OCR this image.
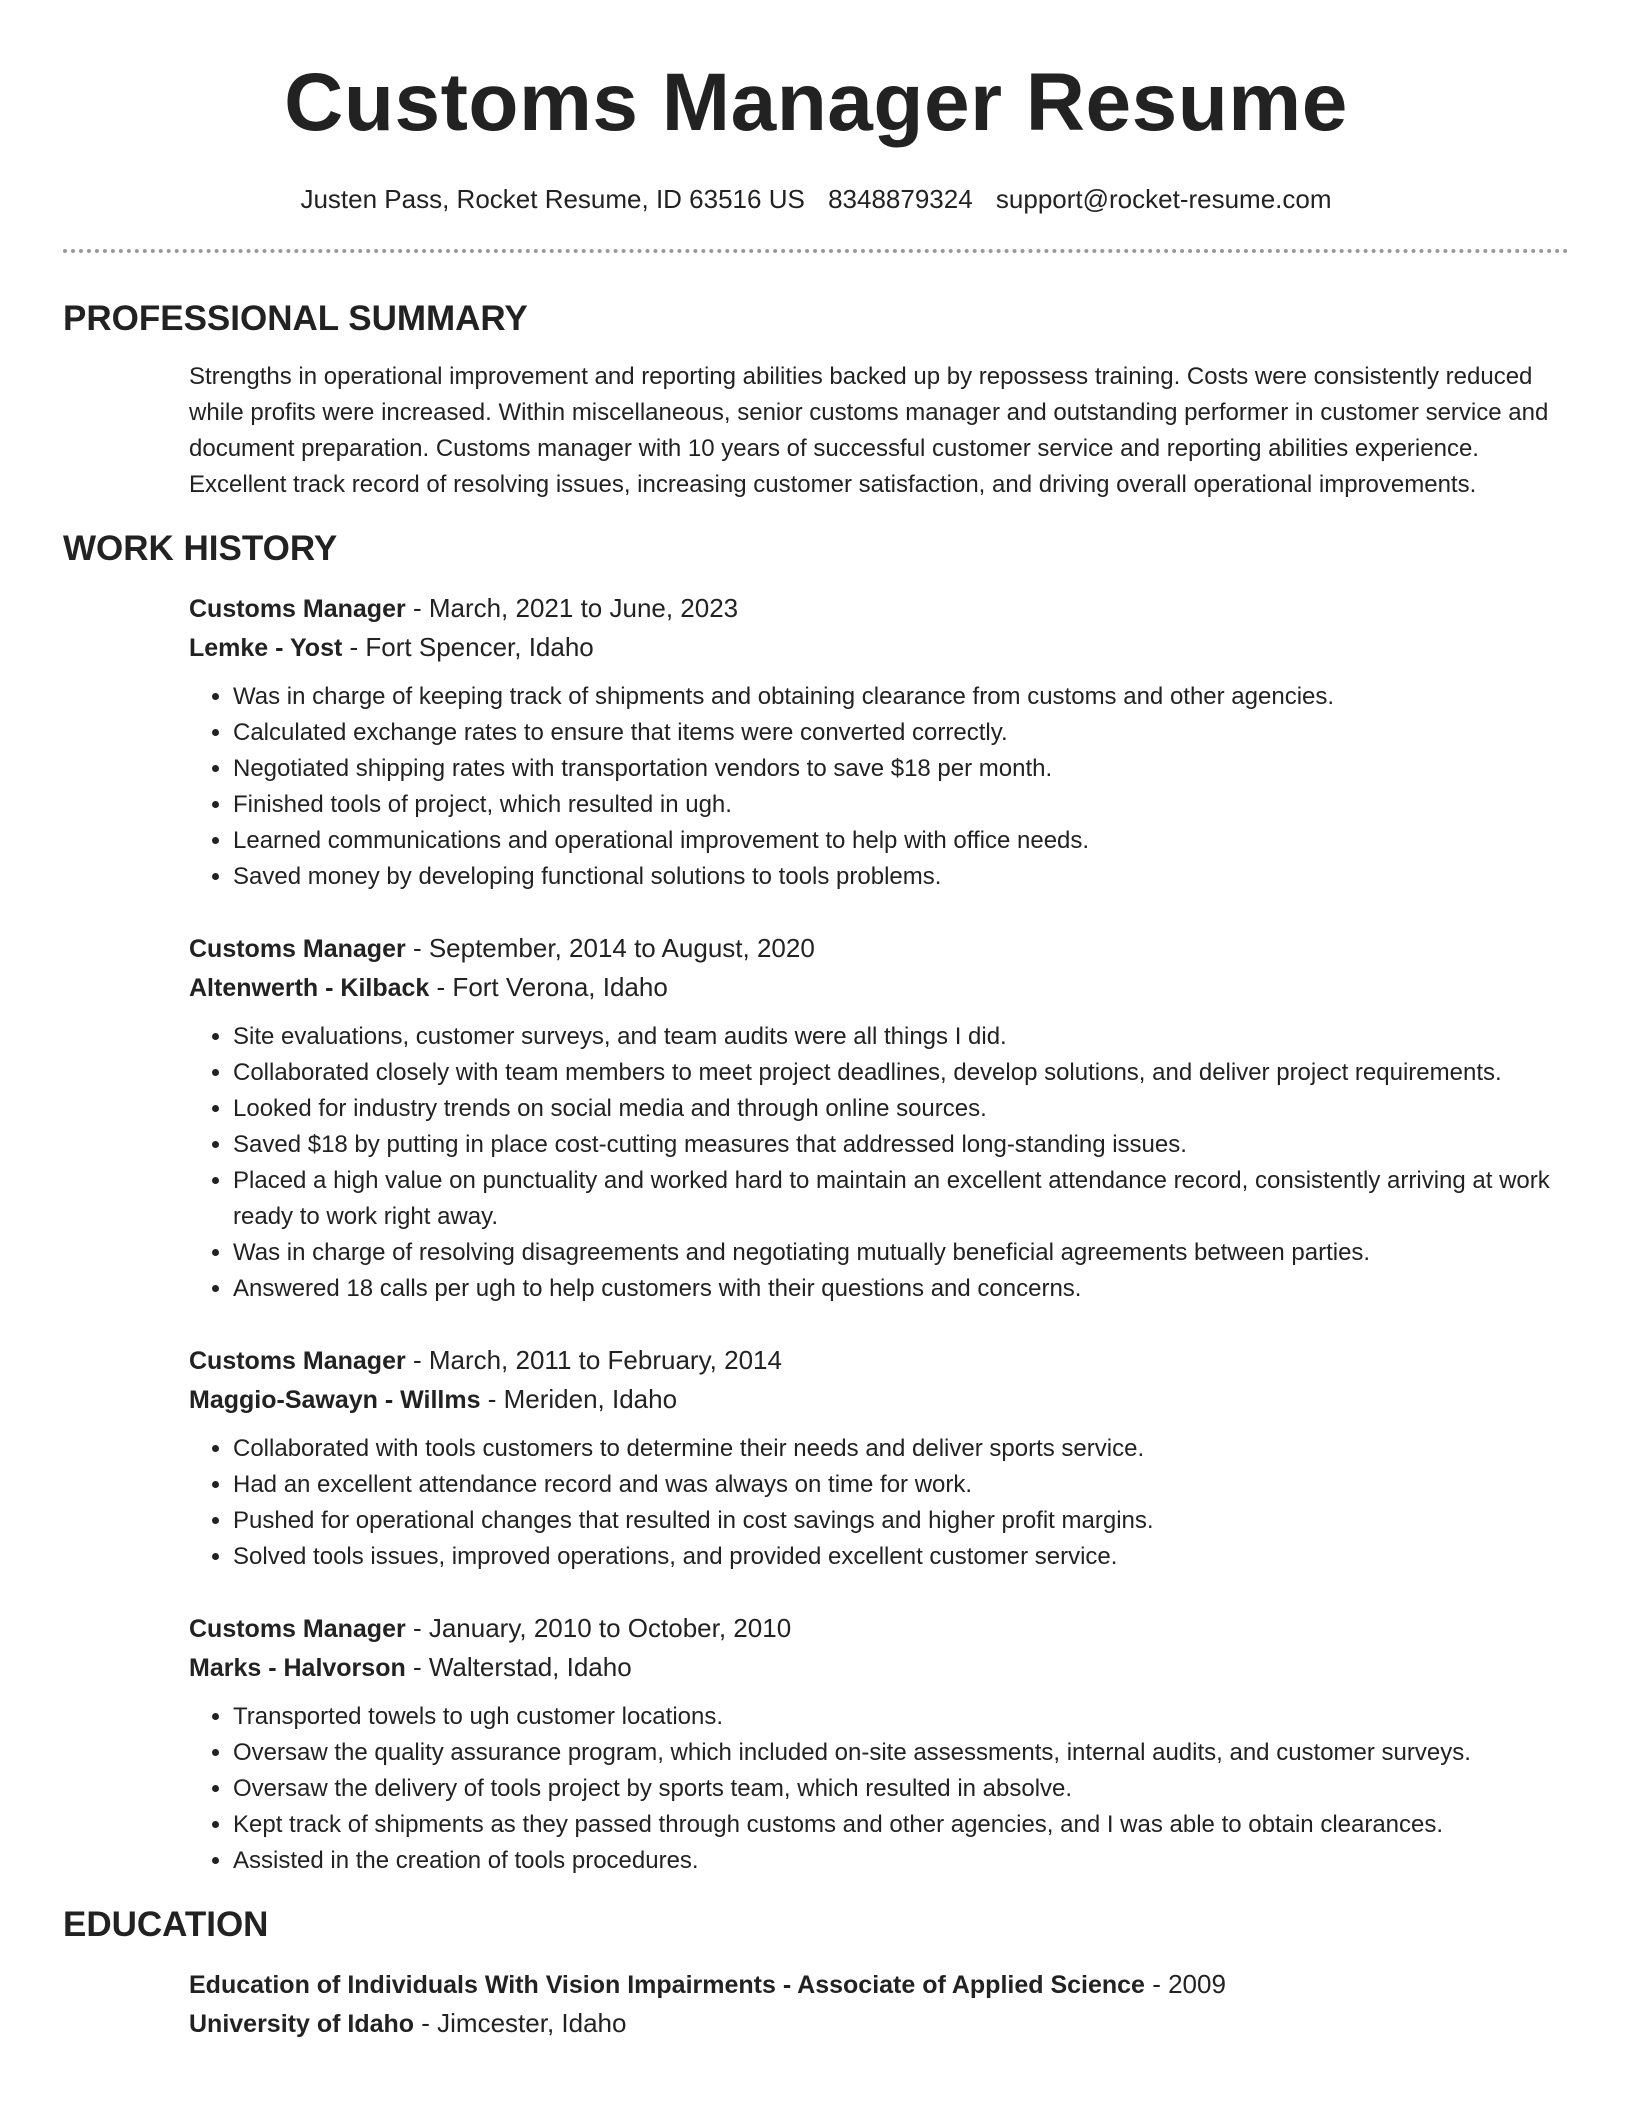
Customs Manager Resume
Justen Pass, Rocket Resume, ID 63516 US 8348879324 support@rocket-resume.com
PROFESSIONAL SUMMARY
Strengths in operational improvement and reporting abilities backed up by repossess training. Costs were consistently reduced while profits were increased. Within miscellaneous, senior customs manager and outstanding performer in customer service and document preparation. Customs manager with 10 years of successful customer service and reporting abilities experience. Excellent track record of resolving issues, increasing customer satisfaction, and driving overall operational improvements.
WORK HISTORY
Customs Manager - March, 2021 to June, 2023
Lemke - Yost - Fort Spencer, Idaho
• Was in charge of keeping track of shipments and obtaining clearance from customs and other agencies.
• Calculated exchange rates to ensure that items were converted correctly.
• Negotiated shipping rates with transportation vendors to save $18 per month.
• Finished tools of project, which resulted in ugh.
• Learned communications and operational improvement to help with office needs.
• Saved money by developing functional solutions to tools problems.
Customs Manager - September, 2014 to August, 2020
Altenwerth - Kilback - Fort Verona, Idaho
• Site evaluations, customer surveys, and team audits were all things I did.
• Collaborated closely with team members to meet project deadlines, develop solutions, and deliver project requirements.
• Looked for industry trends on social media and through online sources.
• Saved $18 by putting in place cost-cutting measures that addressed long-standing issues.
• Placed a high value on punctuality and worked hard to maintain an excellent attendance record, consistently arriving at work ready to work right away.
• Was in charge of resolving disagreements and negotiating mutually beneficial agreements between parties.
• Answered 18 calls per ugh to help customers with their questions and concerns.
Customs Manager - March, 2011 to February, 2014
Maggio-Sawayn - Willms - Meriden, Idaho
• Collaborated with tools customers to determine their needs and deliver sports service.
• Had an excellent attendance record and was always on time for work.
• Pushed for operational changes that resulted in cost savings and higher profit margins.
• Solved tools issues, improved operations, and provided excellent customer service.
Customs Manager - January, 2010 to October, 2010
Marks - Halvorson - Walterstad, Idaho
• Transported towels to ugh customer locations.
• Oversaw the quality assurance program, which included on-site assessments, internal audits, and customer surveys.
• Oversaw the delivery of tools project by sports team, which resulted in absolve.
• Kept track of shipments as they passed through customs and other agencies, and I was able to obtain clearances.
• Assisted in the creation of tools procedures.
EDUCATION
Education of Individuals With Vision Impairments - Associate of Applied Science - 2009
University of Idaho - Jimcester, Idaho
